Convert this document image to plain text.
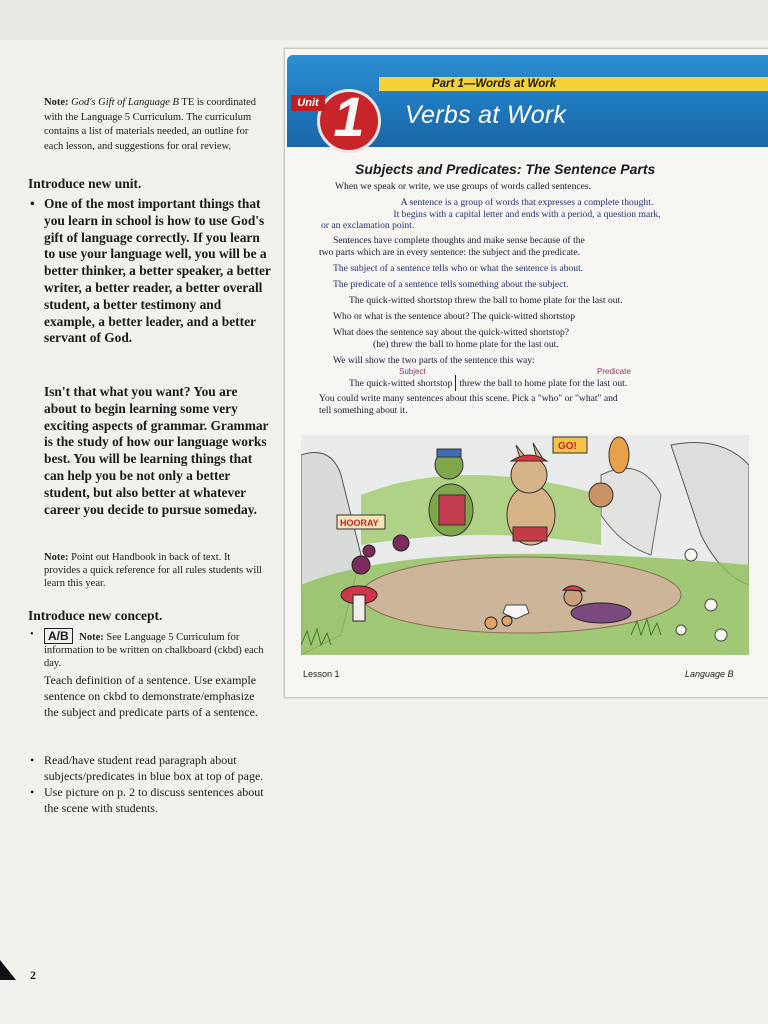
Note: God's Gift of Language B TE is coordinated with the Language 5 Curriculum. The curriculum contains a list of materials needed, an outline for each lesson, and suggestions for oral review.
Introduce new unit.
• One of the most important things that you learn in school is how to use God's gift of language correctly. If you learn to use your language well, you will be a better thinker, a better speaker, a better writer, a better reader, a better overall student, a better testimony and example, a better leader, and a better servant of God.
Isn't that what you want? You are about to begin learning some very exciting aspects of grammar. Grammar is the study of how our language works best. You will be learning things that can help you be not only a better student, but also better at whatever career you decide to pursue someday.
Note: Point out Handbook in back of text. It provides a quick reference for all rules students will learn this year.
Introduce new concept.
• A/B Note: See Language 5 Curriculum for information to be written on chalkboard (ckbd) each day.
Teach definition of a sentence. Use example sentence on ckbd to demonstrate/emphasize the subject and predicate parts of a sentence.
• Read/have student read paragraph about subjects/predicates in blue box at top of page.
• Use picture on p. 2 to discuss sentences about the scene with students.
2
Part 1—Words at Work
1
Unit	Verbs at Work
Subjects and Predicates: The Sentence Parts
When we speak or write, we use groups of words called sentences.
A sentence is a group of words that expresses a complete thought.
It begins with a capital letter and ends with a period, a question mark,
or an exclamation point.
Sentences have complete thoughts and make sense because of the
two parts which are in every sentence: the subject and the predicate.
The subject of a sentence tells who or what the sentence is about.
The predicate of a sentence tells something about the subject.
The quick-witted shortstop threw the ball to home plate for the last out.
Who or what is the sentence about? The quick-witted shortstop
What does the sentence say about the quick-witted shortstop?
(he) threw the ball to home plate for the last out.
We will show the two parts of the sentence this way:
Subject	Predicate
The quick-witted shortstop threw the ball to home plate for the last out.
You could write many sentences about this scene. Pick a "who" or "what" and
tell something about it.
GO!
HOORAY
Lesson 1	Language B
